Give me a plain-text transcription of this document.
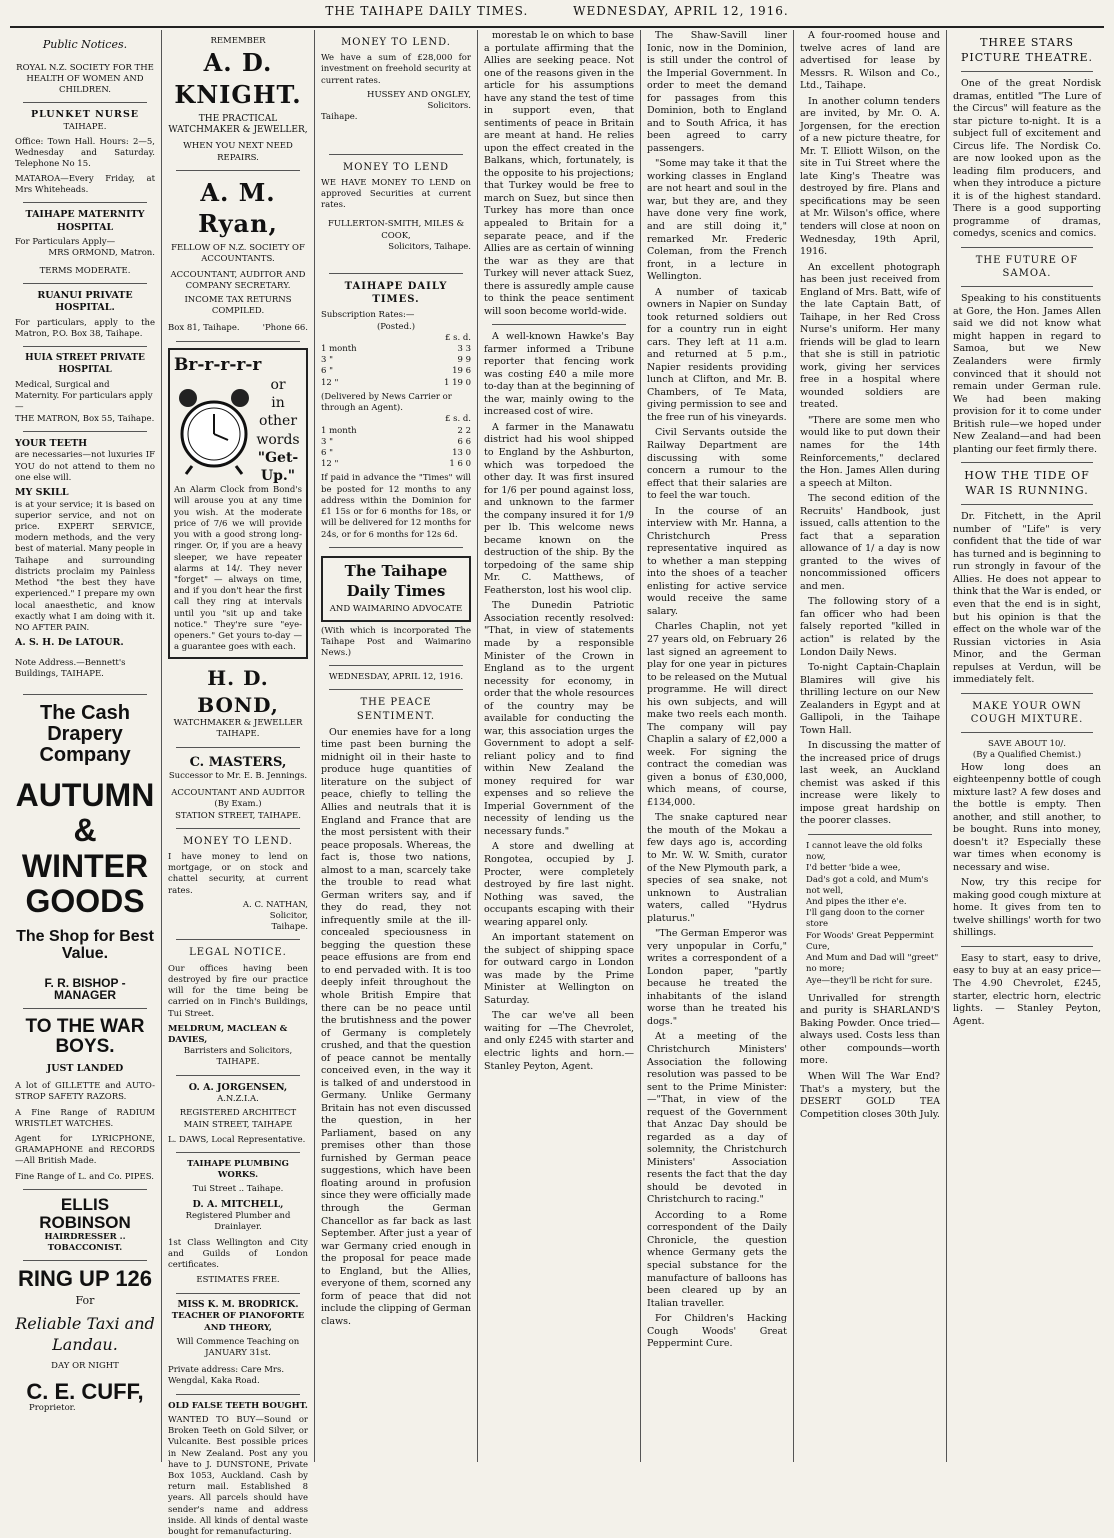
THE TAIHAPE DAILY TIMES.	WEDNESDAY, APRIL 12, 1916.
Public Notices.
ROYAL N.Z. SOCIETY FOR THE HEALTH OF WOMEN AND CHILDREN.
PLUNKET NURSE
TAIHAPE.
Office: Town Hall. Hours: 2—5, Wednesday and Saturday. Telephone No 15.
MATAROA—Every Friday, at Mrs Whiteheads.
TAIHAPE MATERNITY HOSPITAL
For Particulars Apply—
MRS ORMOND, Matron.
TERMS MODERATE.
RUANUI PRIVATE HOSPITAL.
For particulars, apply to the Matron, P.O. Box 38, Taihape.
HUIA STREET PRIVATE HOSPITAL
Medical, Surgical and Maternity. For particulars apply—
THE MATRON, Box 55, Taihape.
YOUR TEETH
are necessaries—not luxuries IF YOU do not attend to them no one else will.
MY SKILL
is at your service; it is based on superior service, and not on price. EXPERT SERVICE, modern methods, and the very best of material. Many people in Taihape and surrounding districts proclaim my Painless Method "the best they have experienced." I prepare my own local anaesthetic, and know exactly what I am doing with it. NO AFTER PAIN.
A. S. H. De LATOUR.
Note Address.—Bennett's Buildings, TAIHAPE.
The Cash Drapery Company
AUTUMN & WINTER GOODS
The Shop for Best Value.
F. R. BISHOP - MANAGER
TO THE WAR BOYS.
JUST LANDED
A lot of GILLETTE and AUTO-STROP SAFETY RAZORS.
A Fine Range of RADIUM WRISTLET WATCHES.
Agent for LYRICPHONE, GRAMAPHONE and RECORDS—All British Made.
Fine Range of L. and Co. PIPES.
ELLIS ROBINSON
HAIRDRESSER .. TOBACCONIST.
RING UP 126
For
Reliable Taxi and Landau.
DAY OR NIGHT
C. E. CUFF,
Proprietor.
REMEMBER
A. D. KNIGHT.
THE PRACTICAL WATCHMAKER & JEWELLER,
WHEN YOU NEXT NEED REPAIRS.
A. M. Ryan,
FELLOW OF N.Z. SOCIETY OF ACCOUNTANTS.
ACCOUNTANT, AUDITOR AND COMPANY SECRETARY.
INCOME TAX RETURNS COMPILED.
Box 81, Taihape.	'Phone 66.
Br-r-r-r-r
or
in other words
"Get-Up."
An Alarm Clock from Bond's will arouse you at any time you wish. At the moderate price of 7/6 we will provide you with a good strong long-ringer. Or, if you are a heavy sleeper, we have repeater alarms at 14/. They never "forget" — always on time, and if you don't hear the first call they ring at intervals until you "sit up and take notice." They're sure "eye-openers." Get yours to-day — a guarantee goes with each.
H. D. BOND,
WATCHMAKER & JEWELLER
TAIHAPE.
C. MASTERS,
Successor to Mr. E. B. Jennings.
ACCOUNTANT AND AUDITOR
(By Exam.)
STATION STREET, TAIHAPE.
MONEY TO LEND.
I have money to lend on mortgage, or on stock and chattel security, at current rates.
A. C. NATHAN,
Solicitor,
Taihape.
LEGAL NOTICE.
Our offices having been destroyed by fire our practice will for the time being be carried on in Finch's Buildings, Tui Street.
MELDRUM, MACLEAN & DAVIES,
Barristers and Solicitors,
TAIHAPE.
O. A. JORGENSEN,
A.N.Z.I.A.
REGISTERED ARCHITECT
MAIN STREET, TAIHAPE
L. DAWS, Local Representative.
TAIHAPE PLUMBING WORKS.
Tui Street .. Taihape.
D. A. MITCHELL,
Registered Plumber and Drainlayer.
1st Class Wellington and City and Guilds of London certificates.
ESTIMATES FREE.
MISS K. M. BRODRICK.
TEACHER OF PIANOFORTE AND THEORY,
Will Commence Teaching on JANUARY 31st.
Private address: Care Mrs. Wengdal, Kaka Road.
OLD FALSE TEETH BOUGHT.
WANTED TO BUY—Sound or Broken Teeth on Gold Silver, or Vulcanite. Best possible prices in New Zealand. Post any you have to J. DUNSTONE, Private Box 1053, Auckland. Cash by return mail. Established 8 years. All parcels should have sender's name and address inside. All kinds of dental waste bought for remanufacturing.
MONEY TO LEND.
We have a sum of £28,000 for investment on freehold security at current rates.
HUSSEY AND ONGLEY,
Solicitors.
Taihape.
MONEY TO LEND
WE HAVE MONEY TO LEND on approved Securities at current rates.
FULLERTON-SMITH, MILES & COOK,
Solicitors, Taihape.
TAIHAPE DAILY TIMES.
Subscription Rates:—
(Posted.)
£ s. d.
1 month	3 3
3 "	9 9
6 "	19 6
12 "	1 19 0
(Delivered by News Carrier or through an Agent).
£ s. d.
1 month	2 2
3 "	6 6
6 "	13 0
12 "	1 6 0
If paid in advance the "Times" will be posted for 12 months to any address within the Dominion for £1 15s or for 6 months for 18s, or will be delivered for 12 months for 24s, or for 6 months for 12s 6d.
The Taihape Daily Times
AND WAIMARINO ADVOCATE
(With which is incorporated The Taihape Post and Waimarino News.)
WEDNESDAY, APRIL 12, 1916.
THE PEACE SENTIMENT.

Our enemies have for a long time past been burning the midnight oil in their haste to produce huge quantities of literature on the subject of peace, chiefly to telling the Allies and neutrals that it is England and France that are the most persistent with their peace proposals. Whereas, the fact is, those two nations, almost to a man, scarcely take the trouble to read what German writers say, and if they do read, they not infrequently smile at the ill-concealed speciousness in begging the question these peace effusions are from end to end pervaded with. It is too deeply infeit throughout the whole British Empire that there can be no peace until the brutishness and the power of Germany is completely crushed, and that the question of peace cannot be mentally conceived even, in the way it is talked of and understood in Germany. Unlike Germany Britain has not even discussed the question, in her Parliament, based on any premises other than those furnished by German peace suggestions, which have been floating around in profusion since they were officially made through the German Chancellor as far back as last September. After just a year of war Germany cried enough in the proposal for peace made to England, but the Allies, everyone of them, scorned any form of peace that did not include the clipping of German claws.

morestab le on which to base a portulate affirming that the Allies are seeking peace. Not one of the reasons given in the article for his assumptions have any stand the test of time in support even, that sentiments of peace in Britain are meant at hand. He relies upon the effect created in the Balkans, which, fortunately, is the opposite to his projections; that Turkey would be free to march on Suez, but since then Turkey has more than once appealed to Britain for a separate peace, and if the Allies are as certain of winning the war as they are that Turkey will never attack Suez, there is assuredly ample cause to think the peace sentiment will soon become world-wide.

A well-known Hawke's Bay farmer informed a Tribune reporter that fencing work was costing £40 a mile more to-day than at the beginning of the war, mainly owing to the increased cost of wire.

A farmer in the Manawatu district had his wool shipped to England by the Ashburton, which was torpedoed the other day. It was first insured for 1/6 per pound against loss, and unknown to the farmer the company insured it for 1/9 per lb. This welcome news became known on the destruction of the ship. By the torpedoing of the same ship Mr. C. Matthews, of Featherston, lost his wool clip.

The Dunedin Patriotic Association recently resolved: "That, in view of statements made by a responsible Minister of the Crown in England as to the urgent necessity for economy, in order that the whole resources of the country may be available for conducting the war, this association urges the Government to adopt a self-reliant policy and to find within New Zealand the money required for war expenses and so relieve the Imperial Government of the necessity of lending us the necessary funds."

A store and dwelling at Rongotea, occupied by J. Procter, were completely destroyed by fire last night. Nothing was saved, the occupants escaping with their wearing apparel only.

An important statement on the subject of shipping space for outward cargo in London was made by the Prime Minister at Wellington on Saturday.

The car we've all been waiting for —The Chevrolet, and only £245 with starter and electric lights and horn.— Stanley Peyton, Agent.

The Shaw-Savill liner Ionic, now in the Dominion, is still under the control of the Imperial Government. In order to meet the demand for passages from this Dominion, both to England and to South Africa, it has been agreed to carry passengers.

"Some may take it that the working classes in England are not heart and soul in the war, but they are, and they have done very fine work, and are still doing it," remarked Mr. Frederic Coleman, from the French front, in a lecture in Wellington.

A number of taxicab owners in Napier on Sunday took returned soldiers out for a country run in eight cars. They left at 11 a.m. and returned at 5 p.m., Napier residents providing lunch at Clifton, and Mr. B. Chambers, of Te Mata, giving permission to see and the free run of his vineyards.

Civil Servants outside the Railway Department are discussing with some concern a rumour to the effect that their salaries are to feel the war touch.

In the course of an interview with Mr. Hanna, a Christchurch Press representative inquired as to whether a man stepping into the shoes of a teacher enlisting for active service would receive the same salary.

Charles Chaplin, not yet 27 years old, on February 26 last signed an agreement to play for one year in pictures to be released on the Mutual programme. He will direct his own subjects, and will make two reels each month. The company will pay Chaplin a salary of £2,000 a week. For signing the contract the comedian was given a bonus of £30,000, which means, of course, £134,000.

The snake captured near the mouth of the Mokau a few days ago is, according to Mr. W. W. Smith, curator of the New Plymouth park, a species of sea snake, not unknown to Australian waters, called "Hydrus platurus."

"The German Emperor was very unpopular in Corfu," writes a correspondent of a London paper, "partly because he treated the inhabitants of the island worse than he treated his dogs."

At a meeting of the Christchurch Ministers' Association the following resolution was passed to be sent to the Prime Minister:—"That, in view of the request of the Government that Anzac Day should be regarded as a day of solemnity, the Christchurch Ministers' Association resents the fact that the day should be devoted in Christchurch to racing."

According to a Rome correspondent of the Daily Chronicle, the question whence Germany gets the special substance for the manufacture of balloons has been cleared up by an Italian traveller.

For Children's Hacking Cough Woods' Great Peppermint Cure.

A four-roomed house and twelve acres of land are advertised for lease by Messrs. R. Wilson and Co., Ltd., Taihape.

In another column tenders are invited, by Mr. O. A. Jorgensen, for the erection of a new picture theatre, for Mr. T. Elliott Wilson, on the site in Tui Street where the late King's Theatre was destroyed by fire. Plans and specifications may be seen at Mr. Wilson's office, where tenders will close at noon on Wednesday, 19th April, 1916.

An excellent photograph has been just received from England of Mrs. Batt, wife of the late Captain Batt, of Taihape, in her Red Cross Nurse's uniform. Her many friends will be glad to learn that she is still in patriotic work, giving her services free in a hospital where wounded soldiers are treated.

"There are some men who would like to put down their names for the 14th Reinforcements," declared the Hon. James Allen during a speech at Milton.

The second edition of the Recruits' Handbook, just issued, calls attention to the fact that a separation allowance of 1/ a day is now granted to the wives of noncommissioned officers and men.

The following story of a fan officer who had been falsely reported "killed in action" is related by the London Daily News.

To-night Captain-Chaplain Blamires will give his thrilling lecture on our New Zealanders in Egypt and at Gallipoli, in the Taihape Town Hall.

In discussing the matter of the increased price of drugs last week, an Auckland chemist was asked if this increase were likely to impose great hardship on the poorer classes.

I cannot leave the old folks now,
I'd better 'bide a wee,
Dad's got a cold, and Mum's not well,
And pipes the ither e'e.
I'll gang doon to the corner store
For Woods' Great Peppermint Cure,
And Mum and Dad will "greet" no more;
Aye—they'll be richt for sure.

Unrivalled for strength and purity is SHARLAND'S Baking Powder. Once tried—always used. Costs less than other compounds—worth more.

When Will The War End? That's a mystery, but the DESERT GOLD TEA Competition closes 30th July.

THREE STARS PICTURE THEATRE.

One of the great Nordisk dramas, entitled "The Lure of the Circus" will feature as the star picture to-night. It is a subject full of excitement and Circus life. The Nordisk Co. are now looked upon as the leading film producers, and when they introduce a picture it is of the highest standard. There is a good supporting programme of dramas, comedys, scenics and comics.

THE FUTURE OF SAMOA.

Speaking to his constituents at Gore, the Hon. James Allen said we did not know what might happen in regard to Samoa, but we New Zealanders were firmly convinced that it should not remain under German rule. We had been making provision for it to come under British rule—we hoped under New Zealand—and had been planting our feet firmly there.

HOW THE TIDE OF WAR IS RUNNING.

Dr. Fitchett, in the April number of "Life" is very confident that the tide of war has turned and is beginning to run strongly in favour of the Allies. He does not appear to think that the War is ended, or even that the end is in sight, but his opinion is that the effect on the whole war of the Russian victories in Asia Minor, and the German repulses at Verdun, will be immediately felt.

MAKE YOUR OWN COUGH MIXTURE.
SAVE ABOUT 10/.
(By a Qualified Chemist.)

How long does an eighteenpenny bottle of cough mixture last? A few doses and the bottle is empty. Then another, and still another, to be bought. Runs into money, doesn't it? Especially these war times when economy is necessary and wise.

Now, try this recipe for making good cough mixture at home. It gives from ten to twelve shillings' worth for two shillings.

Easy to start, easy to drive, easy to buy at an easy price—The 4.90 Chevrolet, £245, starter, electric horn, electric lights. — Stanley Peyton, Agent.
